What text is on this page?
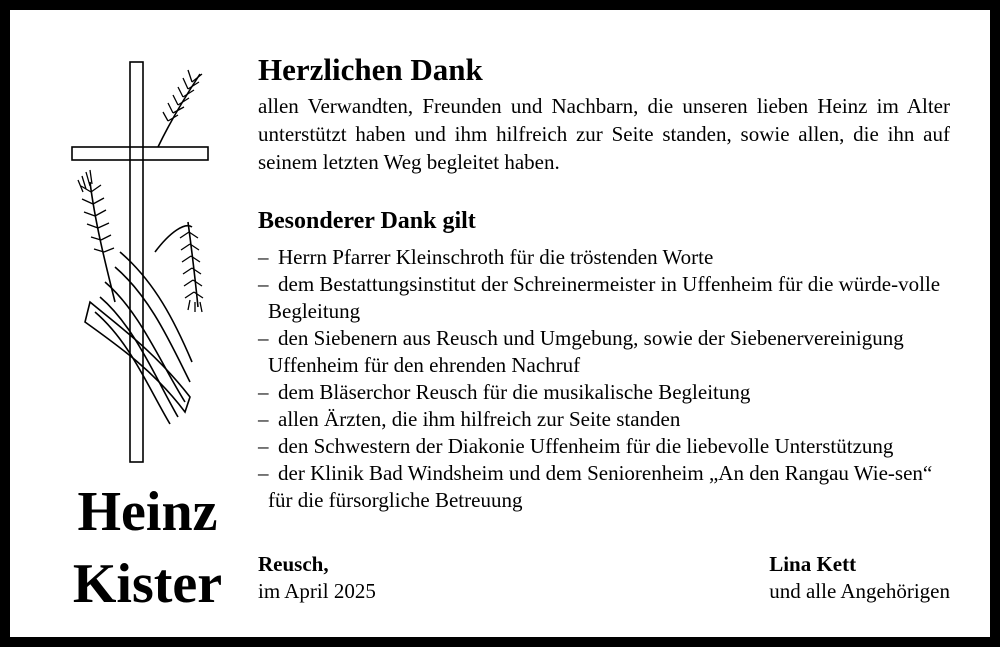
Heinz
Kister
Herzlichen Dank

allen Verwandten, Freunden und Nachbarn, die unseren lieben Heinz im Alter unterstützt haben und ihm hilfreich zur Seite standen, sowie allen, die ihn auf seinem letzten Weg begleitet haben.

Besonderer Dank gilt
– Herrn Pfarrer Kleinschroth für die tröstenden Worte
– dem Bestattungsinstitut der Schreinermeister in Uffenheim für die würde-volle Begleitung
– den Siebenern aus Reusch und Umgebung, sowie der Siebenervereinigung Uffenheim für den ehrenden Nachruf
– dem Bläserchor Reusch für die musikalische Begleitung
– allen Ärzten, die ihm hilfreich zur Seite standen
– den Schwestern der Diakonie Uffenheim für die liebevolle Unterstützung
– der Klinik Bad Windsheim und dem Seniorenheim „An den Rangau Wie-sen“ für die fürsorgliche Betreuung
Reusch,
im April 2025
Lina Kett
und alle Angehörigen
